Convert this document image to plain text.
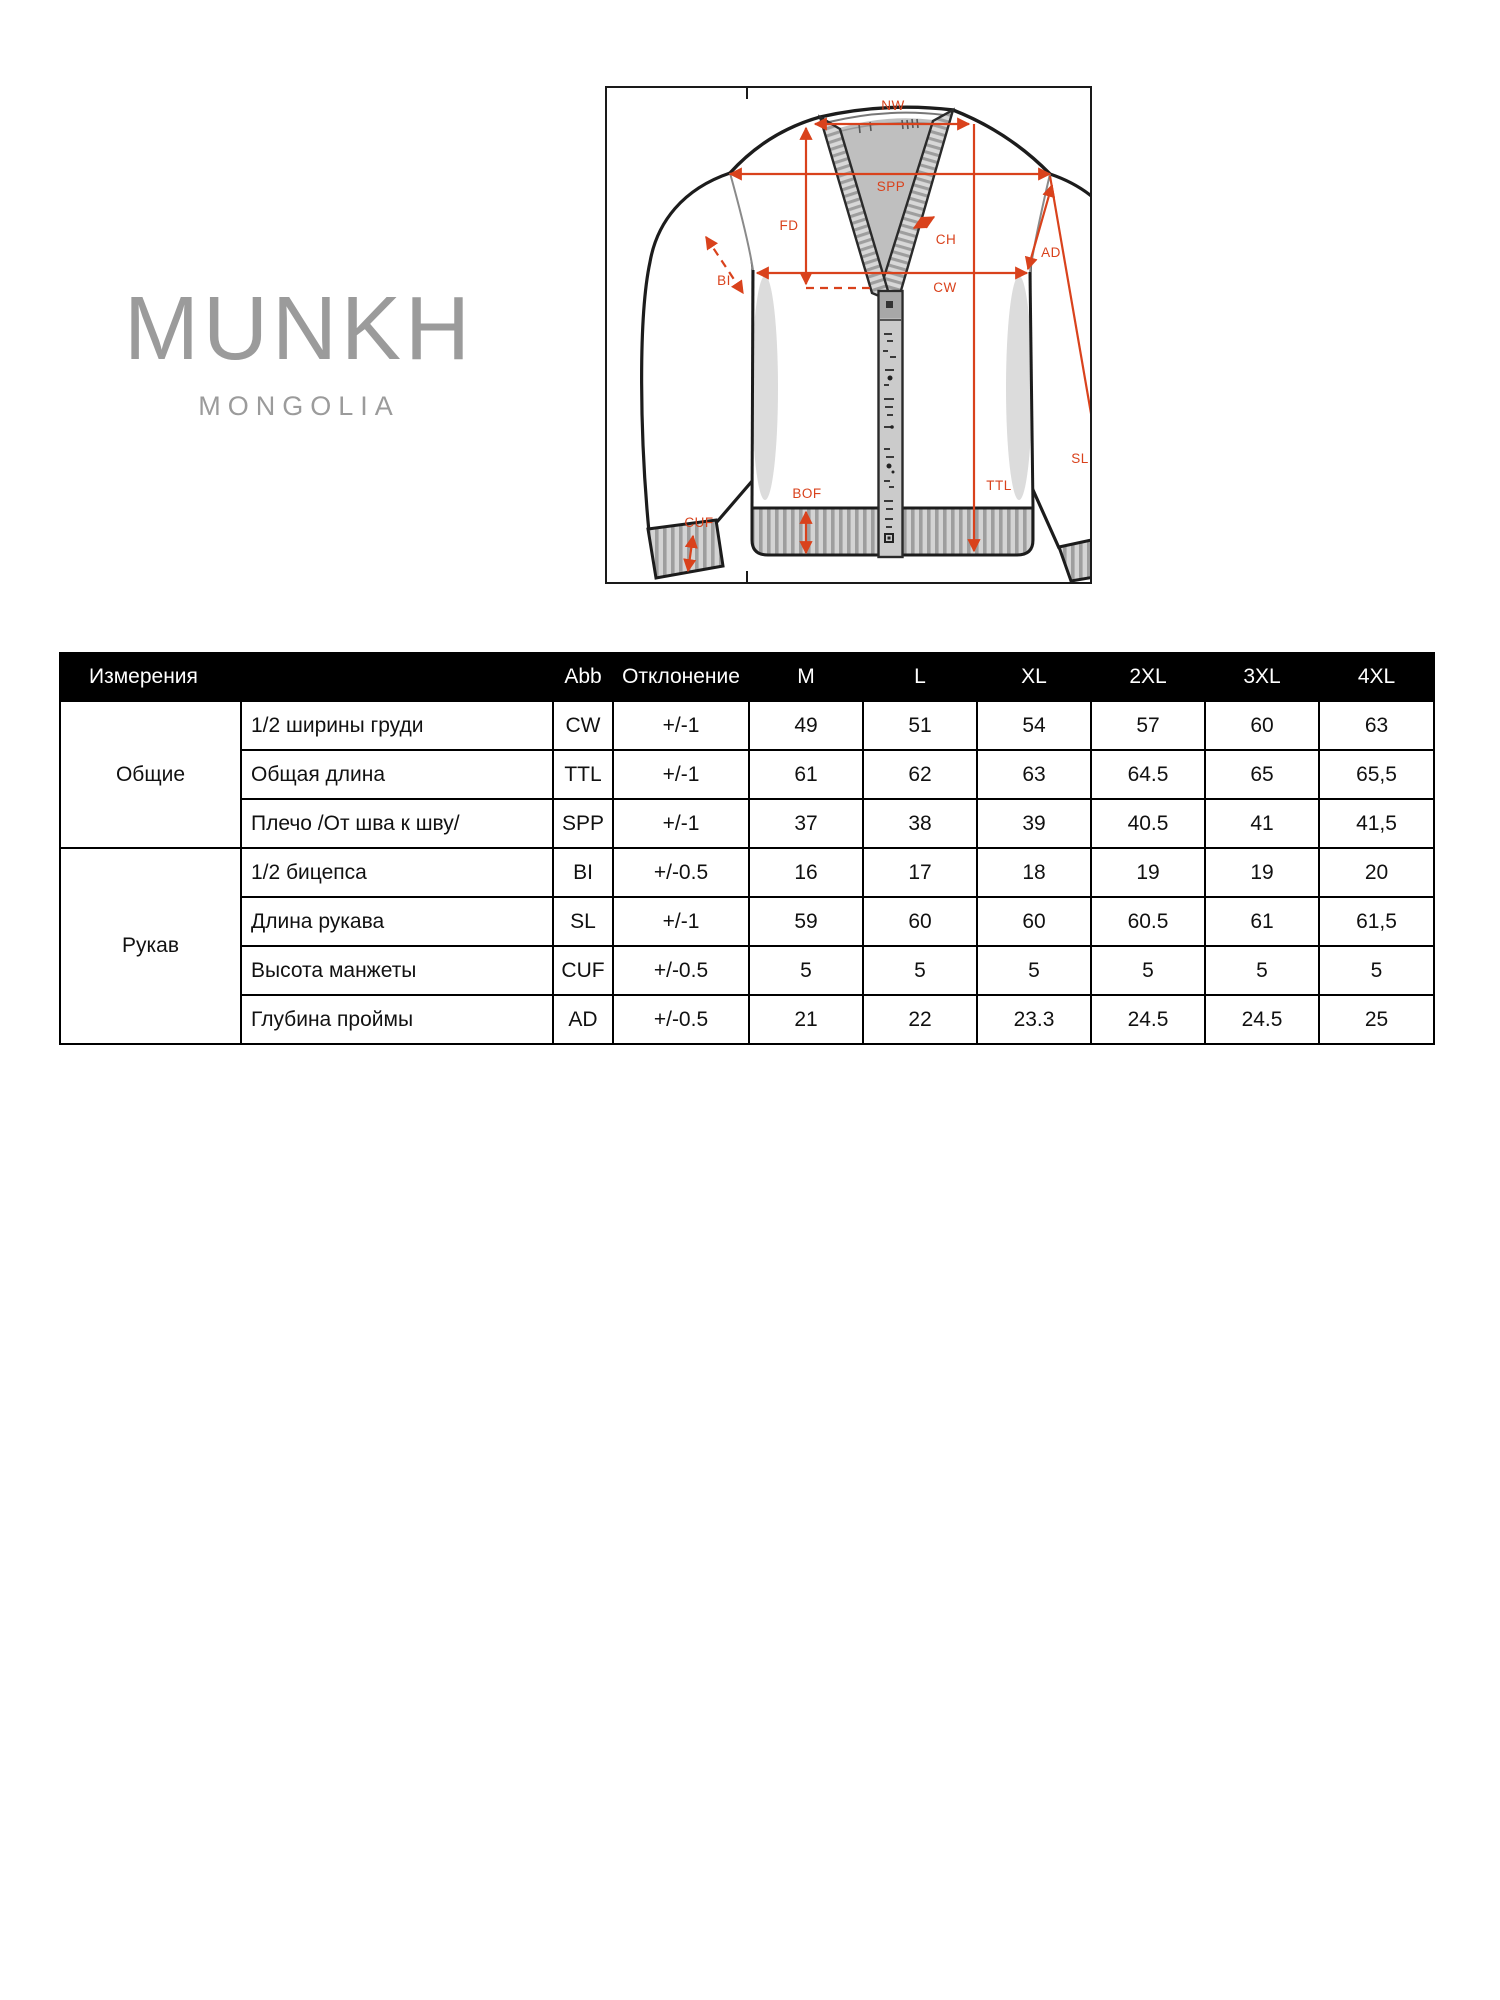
MUNKH
MONGOLIA
NW
SPP
FD
CH
BI	CW
AD
SL
TTL
BOF
CUF
Измерения		Abb	Отклонение	M	L	XL	2XL	3XL	4XL
Общие	1/2 ширины груди	CW	+/-1	49	51	54	57	60	63
	Общая длина	TTL	+/-1	61	62	63	64.5	65	65,5
	Плечо /От шва к шву/	SPP	+/-1	37	38	39	40.5	41	41,5
Рукав	1/2 бицепса	BI	+/-0.5	16	17	18	19	19	20
	Длина рукава	SL	+/-1	59	60	60	60.5	61	61,5
	Высота манжеты	CUF	+/-0.5	5	5	5	5	5	5
	Глубина проймы	AD	+/-0.5	21	22	23.3	24.5	24.5	25
